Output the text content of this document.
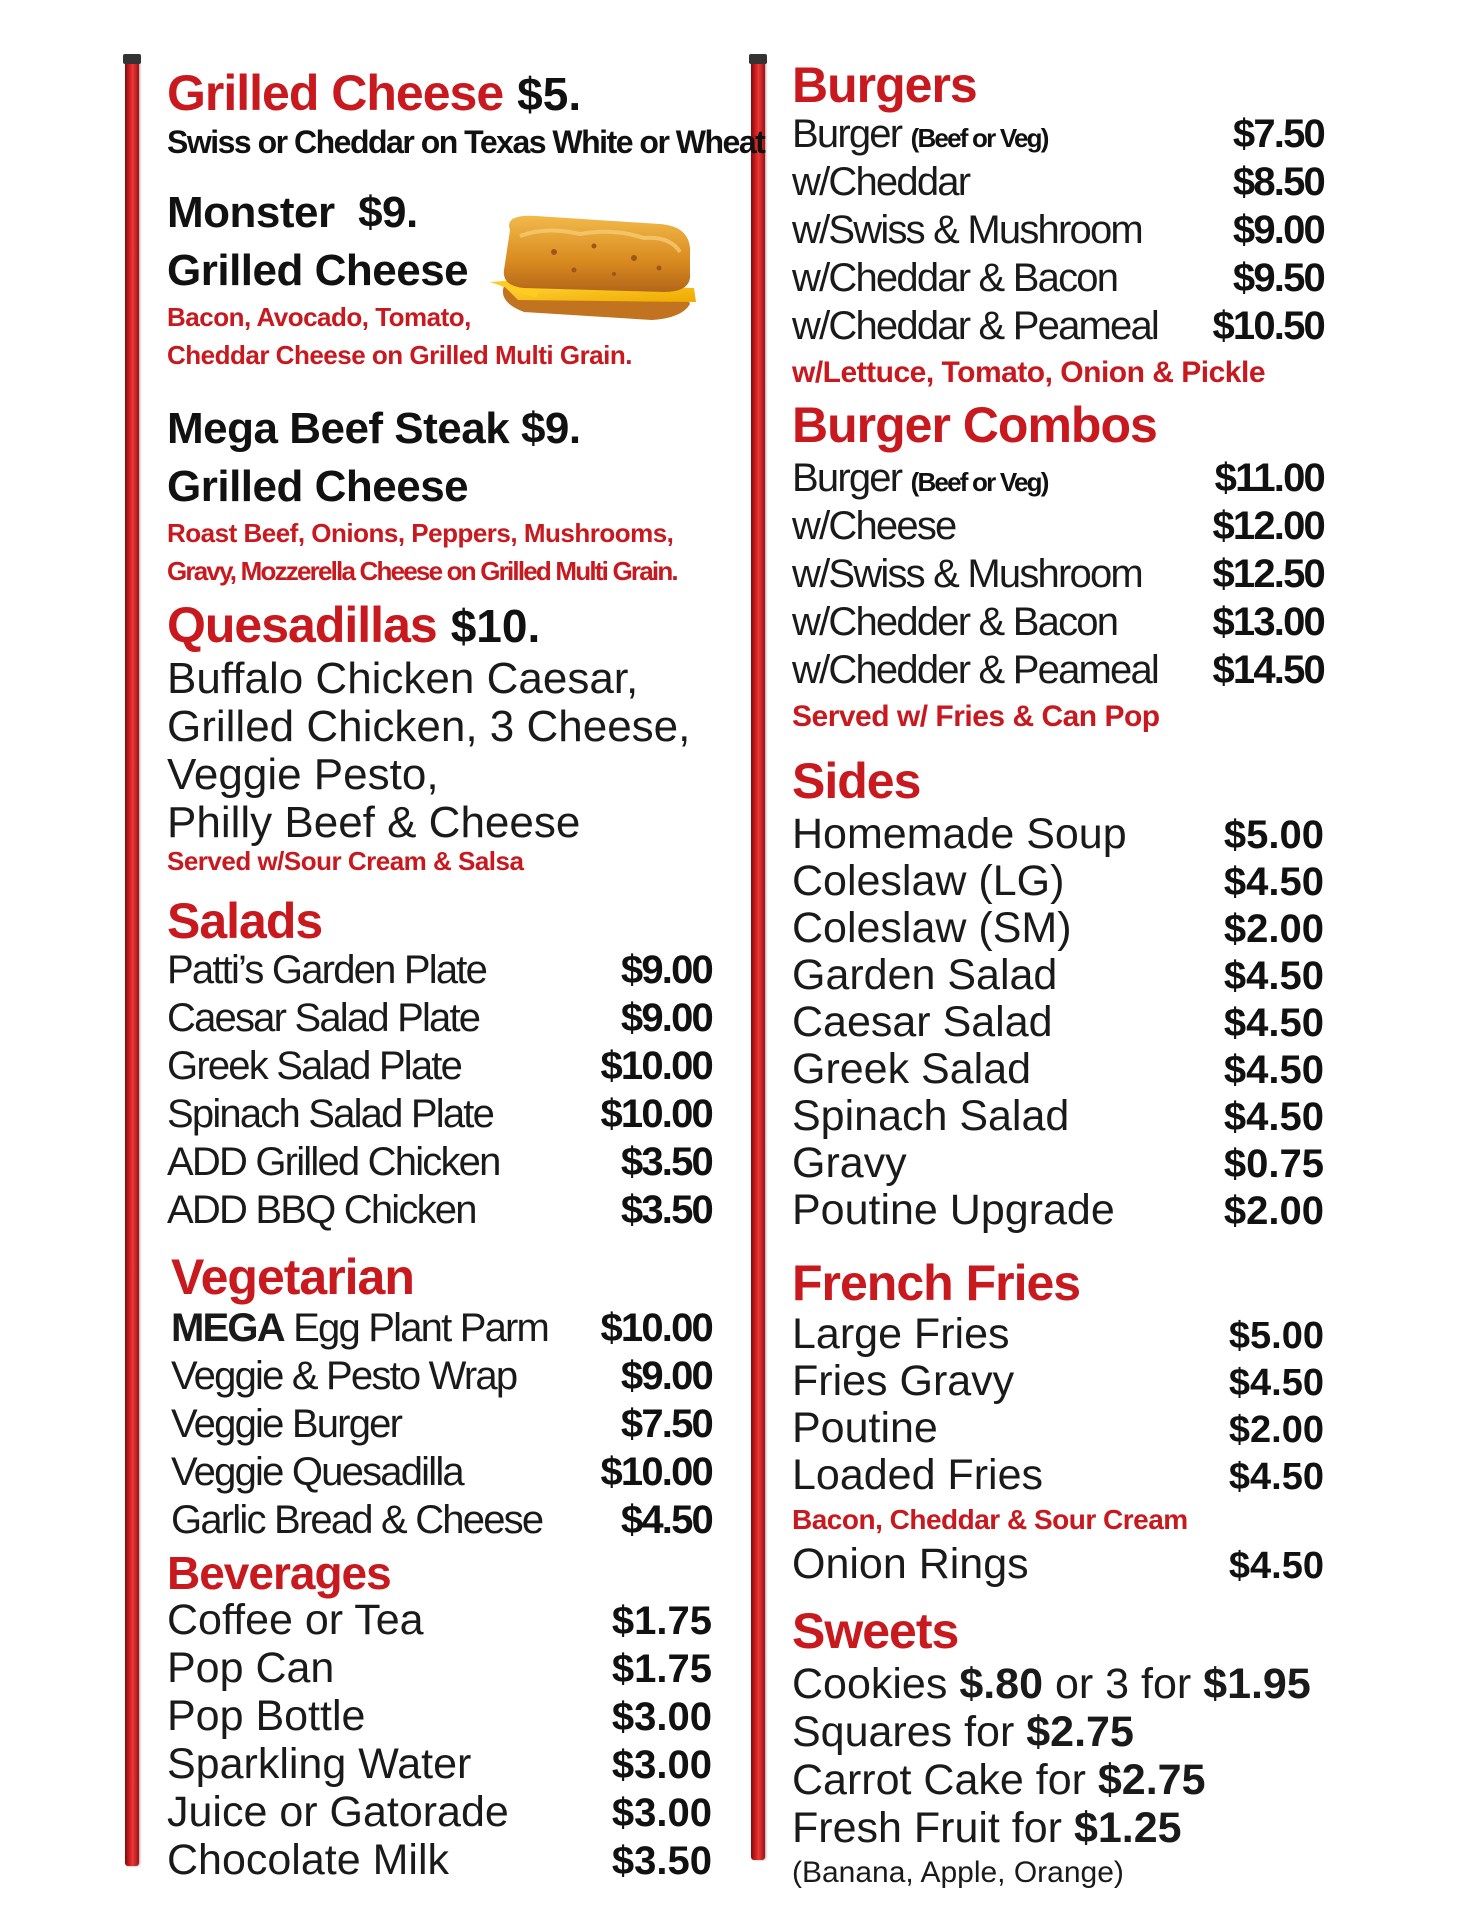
Grilled Cheese $5.
Swiss or Cheddar on Texas White or Wheat
Monster $9.
Grilled Cheese
Bacon, Avocado, Tomato,
Cheddar Cheese on Grilled Multi Grain.
Mega Beef Steak $9.
Grilled Cheese
Roast Beef, Onions, Peppers, Mushrooms,
Gravy, Mozzerella Cheese on Grilled Multi Grain.
Quesadillas $10.
Buffalo Chicken Caesar,
Grilled Chicken, 3 Cheese,
Veggie Pesto,
Philly Beef & Cheese
Served w/Sour Cream & Salsa
Salads
Patti’s Garden Plate	$9.00
Caesar Salad Plate	$9.00
Greek Salad Plate	$10.00
Spinach Salad Plate	$10.00
ADD Grilled Chicken	$3.50
ADD BBQ Chicken	$3.50
Vegetarian
MEGA Egg Plant Parm $10.00
Veggie & Pesto Wrap	$9.00
Veggie Burger	$7.50
Veggie Quesadilla	$10.00
Garlic Bread & Cheese $4.50
Beverages
Coffee or Tea	$1.75
Pop Can	$1.75
Pop Bottle	$3.00
Sparkling Water	$3.00
Juice or Gatorade	$3.00
Chocolate Milk	$3.50
Burgers
Burger (Beef or Veg)	$7.50
w/Cheddar	$8.50
w/Swiss & Mushroom $9.00
w/Cheddar & Bacon	$9.50
w/Cheddar & Peameal $10.50
w/Lettuce, Tomato, Onion & Pickle
Burger Combos
Burger (Beef or Veg)	$11.00
w/Cheese	$12.00
w/Swiss & Mushroom $12.50
w/Chedder & Bacon $13.00
w/Chedder & Peameal $14.50
Served w/ Fries & Can Pop
Sides
Homemade Soup $5.00
Coleslaw (LG)	$4.50
Coleslaw (SM)	$2.00
Garden Salad	$4.50
Caesar Salad	$4.50
Greek Salad	$4.50
Spinach Salad	$4.50
Gravy	$0.75
Poutine Upgrade	$2.00
French Fries
Large Fries	$5.00
Fries Gravy	$4.50
Poutine	$2.00
Loaded Fries	$4.50
Bacon, Cheddar & Sour Cream
Onion Rings	$4.50
Sweets
Cookies $.80 or 3 for $1.95
Squares for $2.75
Carrot Cake for $2.75
Fresh Fruit for $1.25
(Banana, Apple, Orange)
